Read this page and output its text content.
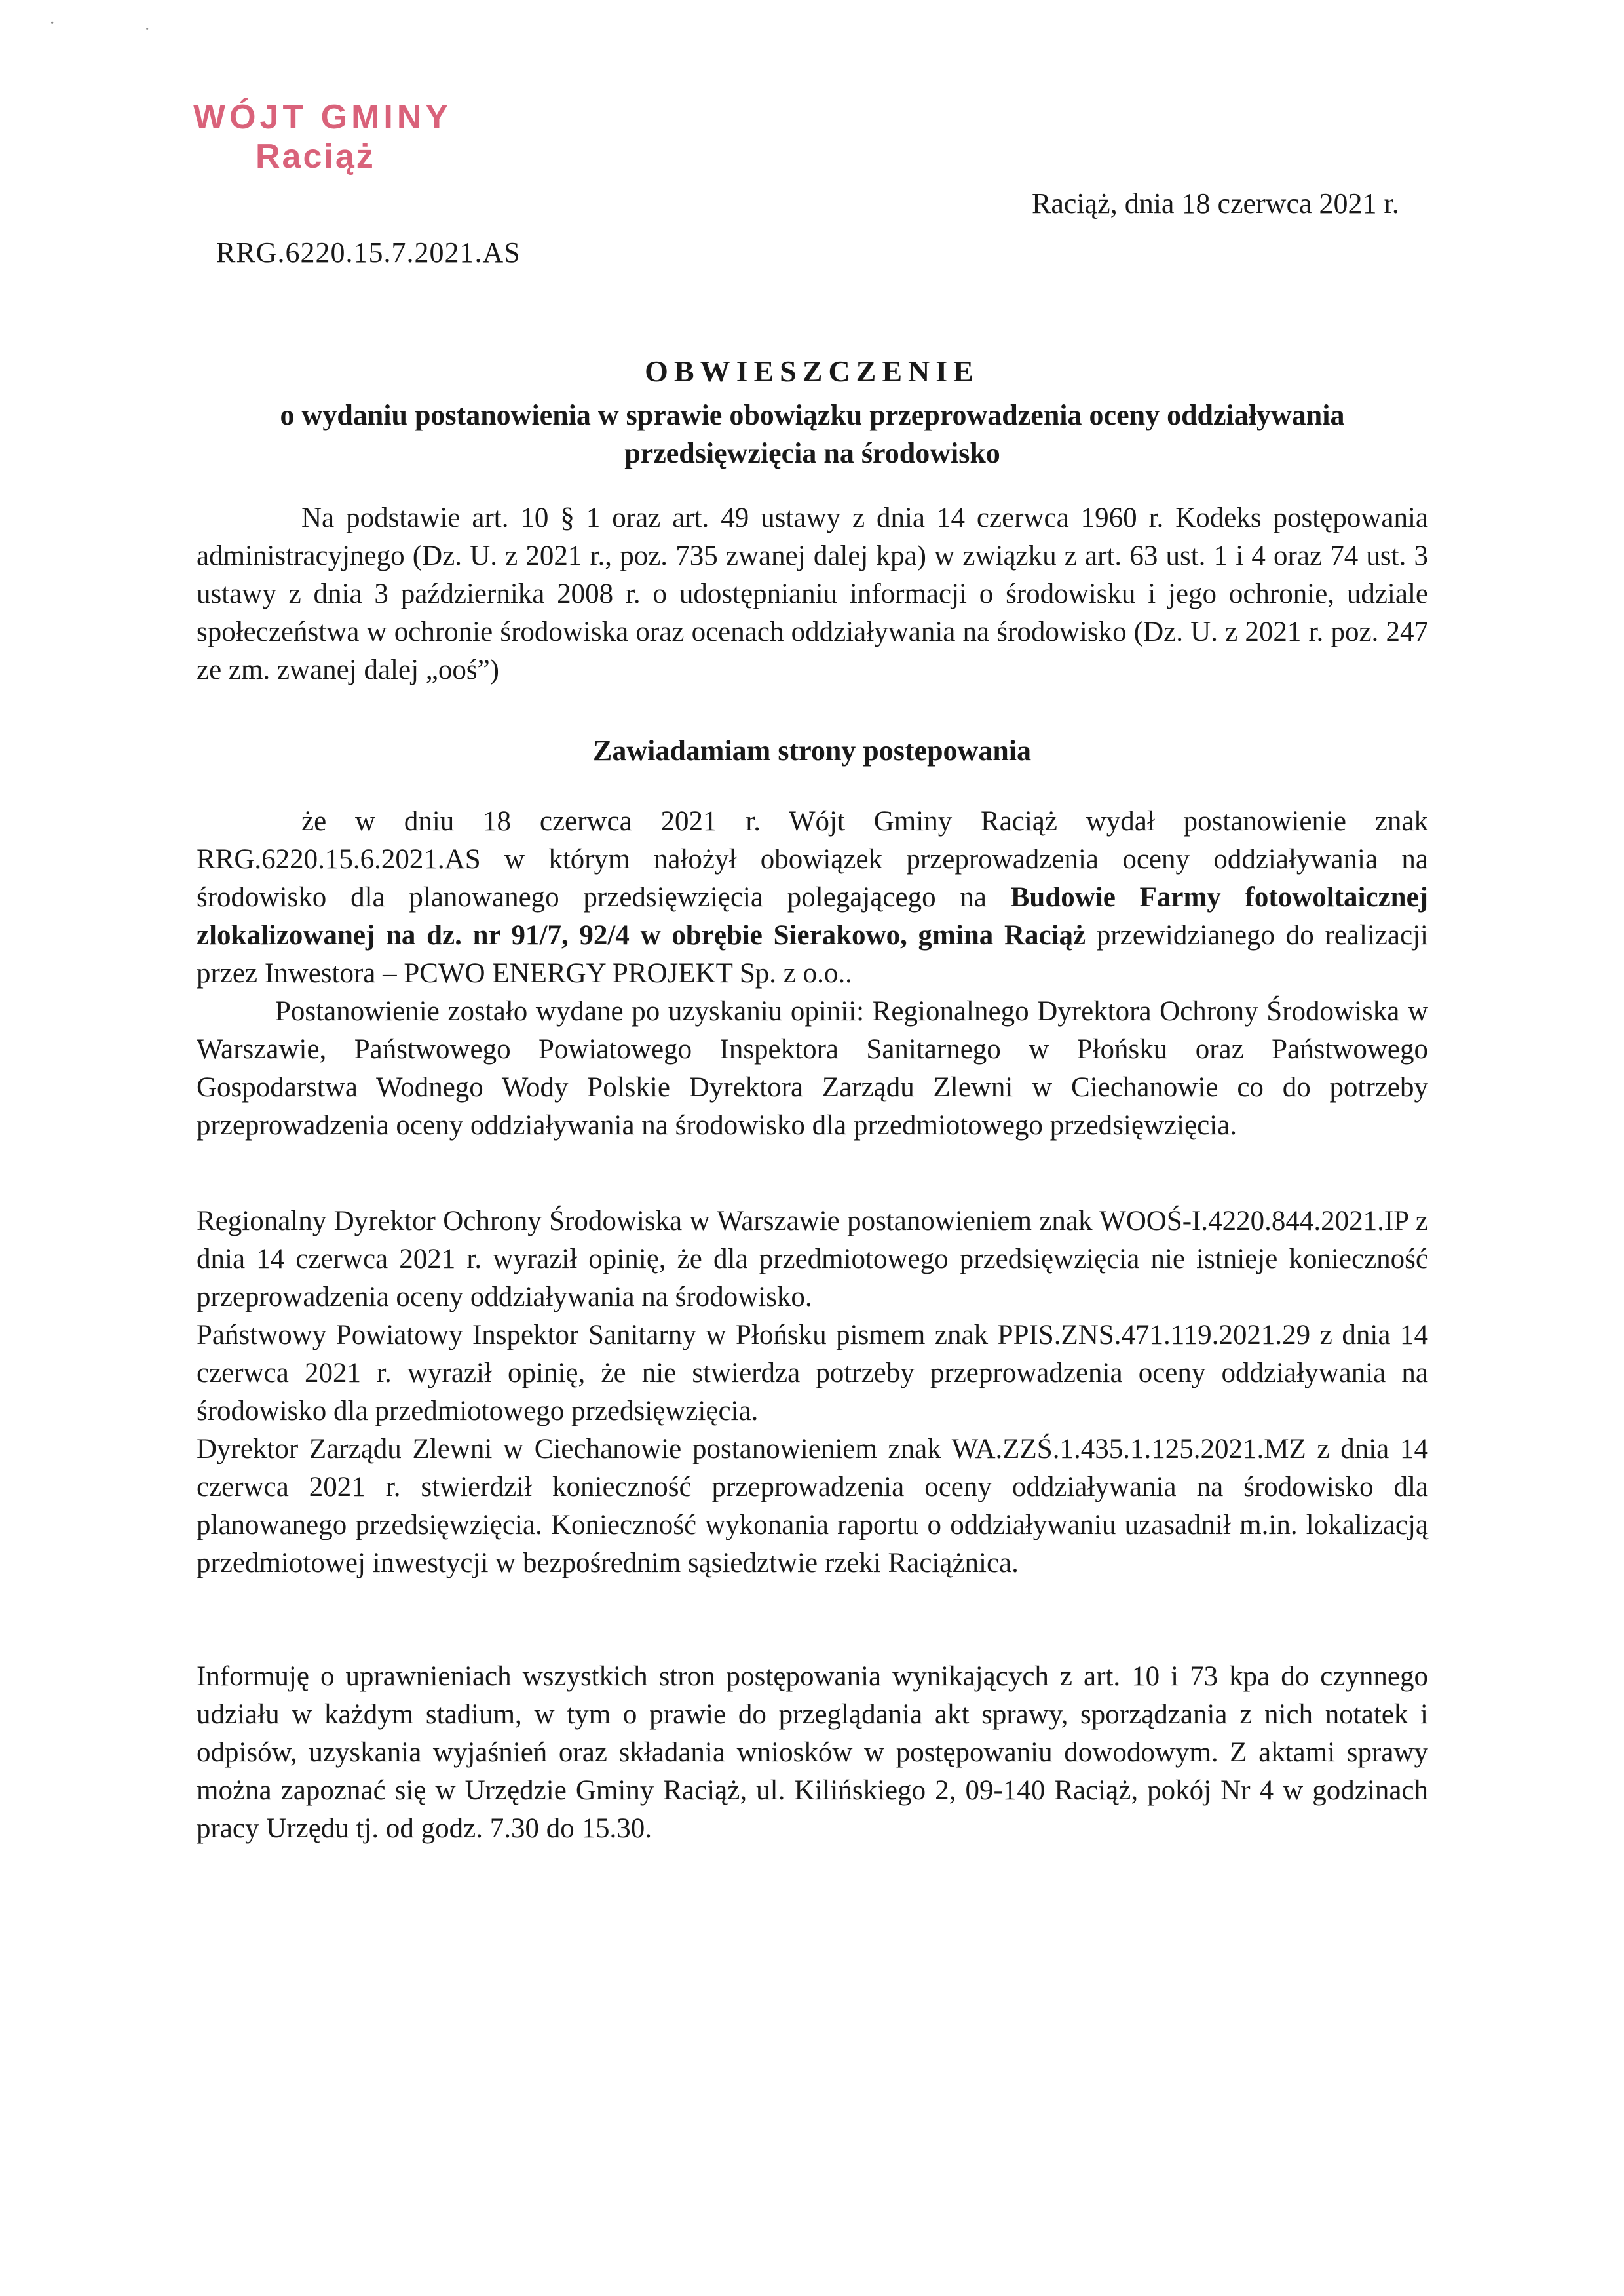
·	·
WÓJT GMINY
Raciąż
Raciąż, dnia 18 czerwca 2021 r.
RRG.6220.15.7.2021.AS
OBWIESZCZENIE
o wydaniu postanowienia w sprawie obowiązku przeprowadzenia oceny oddziaływania przedsięwzięcia na środowisko

Na podstawie art. 10 § 1 oraz art. 49 ustawy z dnia 14 czerwca 1960 r. Kodeks postępowania administracyjnego (Dz. U. z 2021 r., poz. 735 zwanej dalej kpa) w związku z art. 63 ust. 1 i 4 oraz 74 ust. 3 ustawy z dnia 3 października 2008 r. o udostępnianiu informacji o środowisku i jego ochronie, udziale społeczeństwa w ochronie środowiska oraz ocenach oddziaływania na środowisko (Dz. U. z 2021 r. poz. 247 ze zm. zwanej dalej „ooś”)

Zawiadamiam strony postepowania

że w dniu 18 czerwca 2021 r. Wójt Gminy Raciąż wydał postanowienie znak RRG.6220.15.6.2021.AS w którym nałożył obowiązek przeprowadzenia oceny oddziaływania na środowisko dla planowanego przedsięwzięcia polegającego na Budowie Farmy fotowoltaicznej zlokalizowanej na dz. nr 91/7, 92/4 w obrębie Sierakowo, gmina Raciąż przewidzianego do realizacji przez Inwestora – PCWO ENERGY PROJEKT Sp. z o.o..

Postanowienie zostało wydane po uzyskaniu opinii: Regionalnego Dyrektora Ochrony Środowiska w Warszawie, Państwowego Powiatowego Inspektora Sanitarnego w Płońsku oraz Państwowego Gospodarstwa Wodnego Wody Polskie Dyrektora Zarządu Zlewni w Ciechanowie co do potrzeby przeprowadzenia oceny oddziaływania na środowisko dla przedmiotowego przedsięwzięcia.

Regionalny Dyrektor Ochrony Środowiska w Warszawie postanowieniem znak WOOŚ-I.4220.844.2021.IP z dnia 14 czerwca 2021 r. wyraził opinię, że dla przedmiotowego przedsięwzięcia nie istnieje konieczność przeprowadzenia oceny oddziaływania na środowisko.

Państwowy Powiatowy Inspektor Sanitarny w Płońsku pismem znak PPIS.ZNS.471.119.2021.29 z dnia 14 czerwca 2021 r. wyraził opinię, że nie stwierdza potrzeby przeprowadzenia oceny oddziaływania na środowisko dla przedmiotowego przedsięwzięcia.

Dyrektor Zarządu Zlewni w Ciechanowie postanowieniem znak WA.ZZŚ.1.435.1.125.2021.MZ z dnia 14 czerwca 2021 r. stwierdził konieczność przeprowadzenia oceny oddziaływania na środowisko dla planowanego przedsięwzięcia. Konieczność wykonania raportu o oddziaływaniu uzasadnił m.in. lokalizacją przedmiotowej inwestycji w bezpośrednim sąsiedztwie rzeki Raciążnica.

Informuję o uprawnieniach wszystkich stron postępowania wynikających z art. 10 i 73 kpa do czynnego udziału w każdym stadium, w tym o prawie do przeglądania akt sprawy, sporządzania z nich notatek i odpisów, uzyskania wyjaśnień oraz składania wniosków w postępowaniu dowodowym. Z aktami sprawy można zapoznać się w Urzędzie Gminy Raciąż, ul. Kilińskiego 2, 09-140 Raciąż, pokój Nr 4 w godzinach pracy Urzędu tj. od godz. 7.30 do 15.30.
